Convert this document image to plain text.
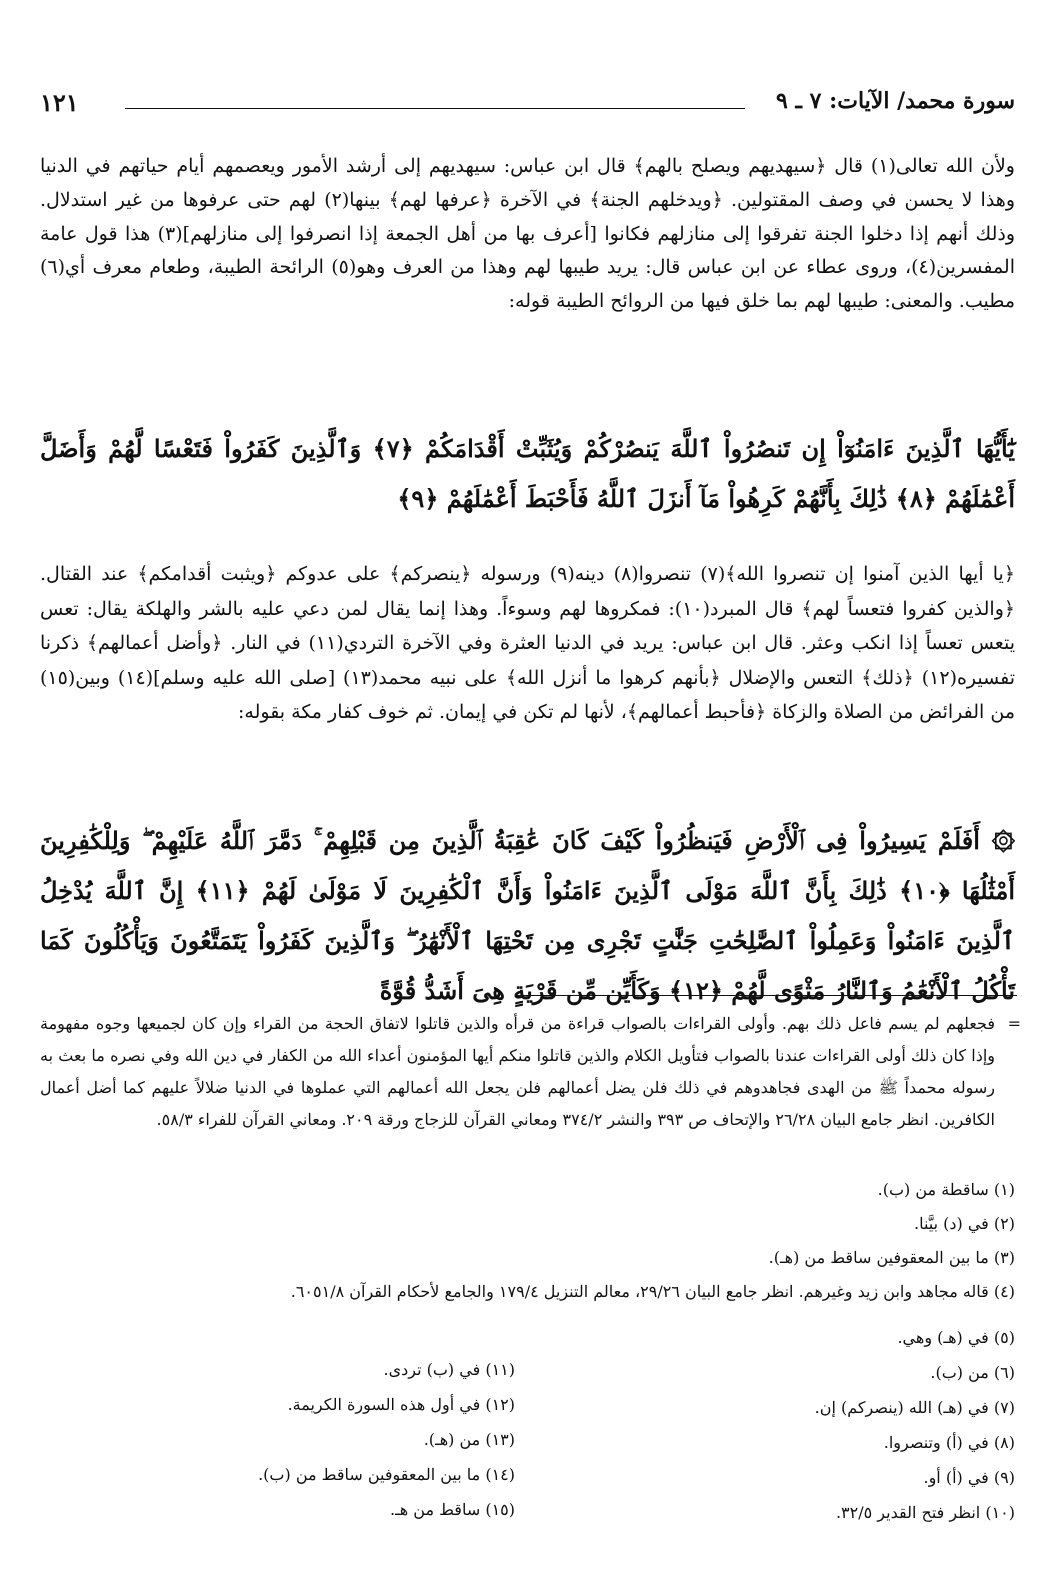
سورة محمد/ الآيات: ٧ ـ ٩
١٢١

ولأن الله تعالى(١) قال ﴿سيهديهم ويصلح بالهم﴾ قال ابن عباس: سيهديهم إلى أرشد الأمور ويعصمهم أيام حياتهم في الدنيا وهذا لا يحسن في وصف المقتولين. ﴿ويدخلهم الجنة﴾ في الآخرة ﴿عرفها لهم﴾ بينها(٢) لهم حتى عرفوها من غير استدلال. وذلك أنهم إذا دخلوا الجنة تفرقوا إلى منازلهم فكانوا [أعرف بها من أهل الجمعة إذا انصرفوا إلى منازلهم](٣) هذا قول عامة المفسرين(٤)، وروى عطاء عن ابن عباس قال: يريد طيبها لهم وهذا من العرف وهو(٥) الرائحة الطيبة، وطعام معرف أي(٦) مطيب. والمعنى: طيبها لهم بما خلق فيها من الروائح الطيبة قوله:

يَٰٓأَيُّهَا ٱلَّذِينَ ءَامَنُوٓاْ إِن تَنصُرُواْ ٱللَّهَ يَنصُرْكُمْ وَيُثَبِّتْ أَقْدَامَكُمْ ﴿٧﴾ وَٱلَّذِينَ كَفَرُواْ فَتَعْسًا لَّهُمْ وَأَضَلَّ أَعْمَٰلَهُمْ ﴿٨﴾ ذَٰلِكَ بِأَنَّهُمْ كَرِهُواْ مَآ أَنزَلَ ٱللَّهُ فَأَحْبَطَ أَعْمَٰلَهُمْ ﴿٩﴾

﴿يا أيها الذين آمنوا إن تنصروا الله﴾(٧) تنصروا(٨) دينه(٩) ورسوله ﴿ينصركم﴾ على عدوكم ﴿ويثبت أقدامكم﴾ عند القتال. ﴿والذين كفروا فتعساً لهم﴾ قال المبرد(١٠): فمكروها لهم وسوءاً. وهذا إنما يقال لمن دعي عليه بالشر والهلكة يقال: تعس يتعس تعساً إذا انكب وعثر. قال ابن عباس: يريد في الدنيا العثرة وفي الآخرة التردي(١١) في النار. ﴿وأضل أعمالهم﴾ ذكرنا تفسيره(١٢) ﴿ذلك﴾ التعس والإضلال ﴿بأنهم كرهوا ما أنزل الله﴾ على نبيه محمد(١٣) [صلى الله عليه وسلم](١٤) وبين(١٥) من الفرائض من الصلاة والزكاة ﴿فأحبط أعمالهم﴾، لأنها لم تكن في إيمان. ثم خوف كفار مكة بقوله:

۞ أَفَلَمْ يَسِيرُواْ فِى ٱلْأَرْضِ فَيَنظُرُواْ كَيْفَ كَانَ عَٰقِبَةُ ٱلَّذِينَ مِن قَبْلِهِمْ ۚ دَمَّرَ ٱللَّهُ عَلَيْهِمْ ۖ وَلِلْكَٰفِرِينَ أَمْثَٰلُهَا ﴿١٠﴾ ذَٰلِكَ بِأَنَّ ٱللَّهَ مَوْلَى ٱلَّذِينَ ءَامَنُواْ وَأَنَّ ٱلْكَٰفِرِينَ لَا مَوْلَىٰ لَهُمْ ﴿١١﴾ إِنَّ ٱللَّهَ يُدْخِلُ ٱلَّذِينَ ءَامَنُواْ وَعَمِلُواْ ٱلصَّٰلِحَٰتِ جَنَّٰتٍ تَجْرِى مِن تَحْتِهَا ٱلْأَنْهَٰرُ ۖ وَٱلَّذِينَ كَفَرُواْ يَتَمَتَّعُونَ وَيَأْكُلُونَ كَمَا تَأْكُلُ ٱلْأَنْعَٰمُ وَٱلنَّارُ مَثْوًى لَّهُمْ ﴿١٢﴾ وَكَأَيِّن مِّن قَرْيَةٍ هِىَ أَشَدُّ قُوَّةً
=
فجعلهم لم يسم فاعل ذلك بهم. وأولى القراءات بالصواب قراءة من قرأه والذين قاتلوا لاتفاق الحجة من القراء وإن كان لجميعها وجوه مفهومة وإذا كان ذلك أولى القراءات عندنا بالصواب فتأويل الكلام والذين قاتلوا منكم أيها المؤمنون أعداء الله من الكفار في دين الله وفي نصره ما بعث به رسوله محمداً ﷺ من الهدى فجاهدوهم في ذلك فلن يضل أعمالهم فلن يجعل الله أعمالهم التي عملوها في الدنيا ضلالاً عليهم كما أضل أعمال الكافرين. انظر جامع البيان ٢٦/٢٨ والإتحاف ص ٣٩٣ والنشر ٣٧٤/٢ ومعاني القرآن للزجاج ورقة ٢٠٩. ومعاني القرآن للفراء ٥٨/٣.
(١) ساقطة من (ب).
(٢) في (د) بيَّنا.
(٣) ما بين المعقوفين ساقط من (هـ).
(٤) قاله مجاهد وابن زيد وغيرهم. انظر جامع البيان ٢٩/٢٦، معالم التنزيل ١٧٩/٤ والجامع لأحكام القرآن ٦٠٥١/٨.
(٥) في (هـ) وهي.
(٦) من (ب).
(٧) في (هـ) الله (ينصركم) إن.
(٨) في (أ) وتنصروا.
(٩) في (أ) أو.
(١٠) انظر فتح القدير ٣٢/٥.
(١١) في (ب) تردى.
(١٢) في أول هذه السورة الكريمة.
(١٣) من (هـ).
(١٤) ما بين المعقوفين ساقط من (ب).
(١٥) ساقط من هـ.
